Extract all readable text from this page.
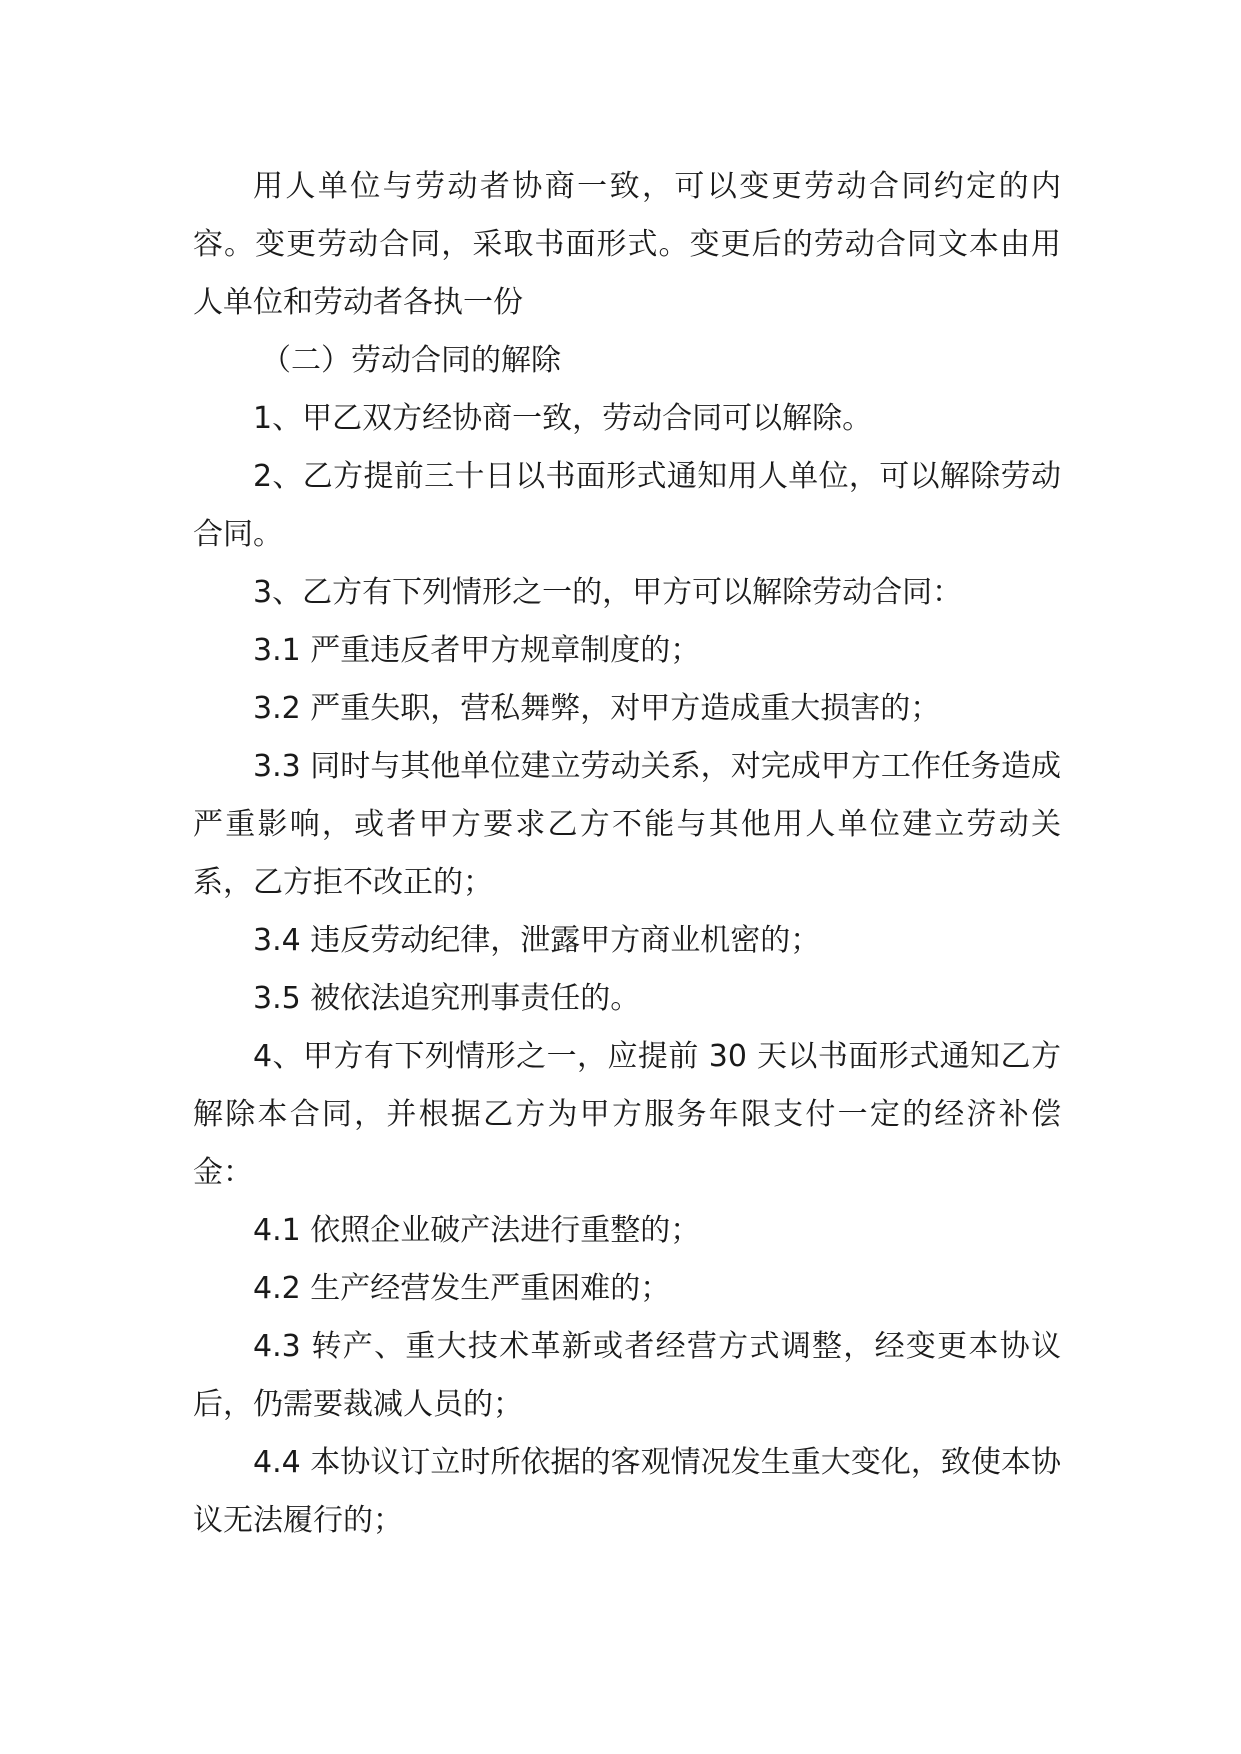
用人单位与劳动者协商一致，可以变更劳动合同约定的内容。变更劳动合同，采取书面形式。变更后的劳动合同文本由用人单位和劳动者各执一份

（二）劳动合同的解除

1、甲乙双方经协商一致，劳动合同可以解除。

2、乙方提前三十日以书面形式通知用人单位，可以解除劳动合同。

3、乙方有下列情形之一的，甲方可以解除劳动合同：

3.1 严重违反者甲方规章制度的；

3.2 严重失职，营私舞弊，对甲方造成重大损害的；

3.3 同时与其他单位建立劳动关系，对完成甲方工作任务造成严重影响，或者甲方要求乙方不能与其他用人单位建立劳动关系，乙方拒不改正的；

3.4 违反劳动纪律，泄露甲方商业机密的；

3.5 被依法追究刑事责任的。

4、甲方有下列情形之一，应提前 30 天以书面形式通知乙方解除本合同，并根据乙方为甲方服务年限支付一定的经济补偿金：

4.1 依照企业破产法进行重整的；

4.2 生产经营发生严重困难的；

4.3 转产、重大技术革新或者经营方式调整，经变更本协议后，仍需要裁减人员的；

4.4 本协议订立时所依据的客观情况发生重大变化，致使本协议无法履行的；
